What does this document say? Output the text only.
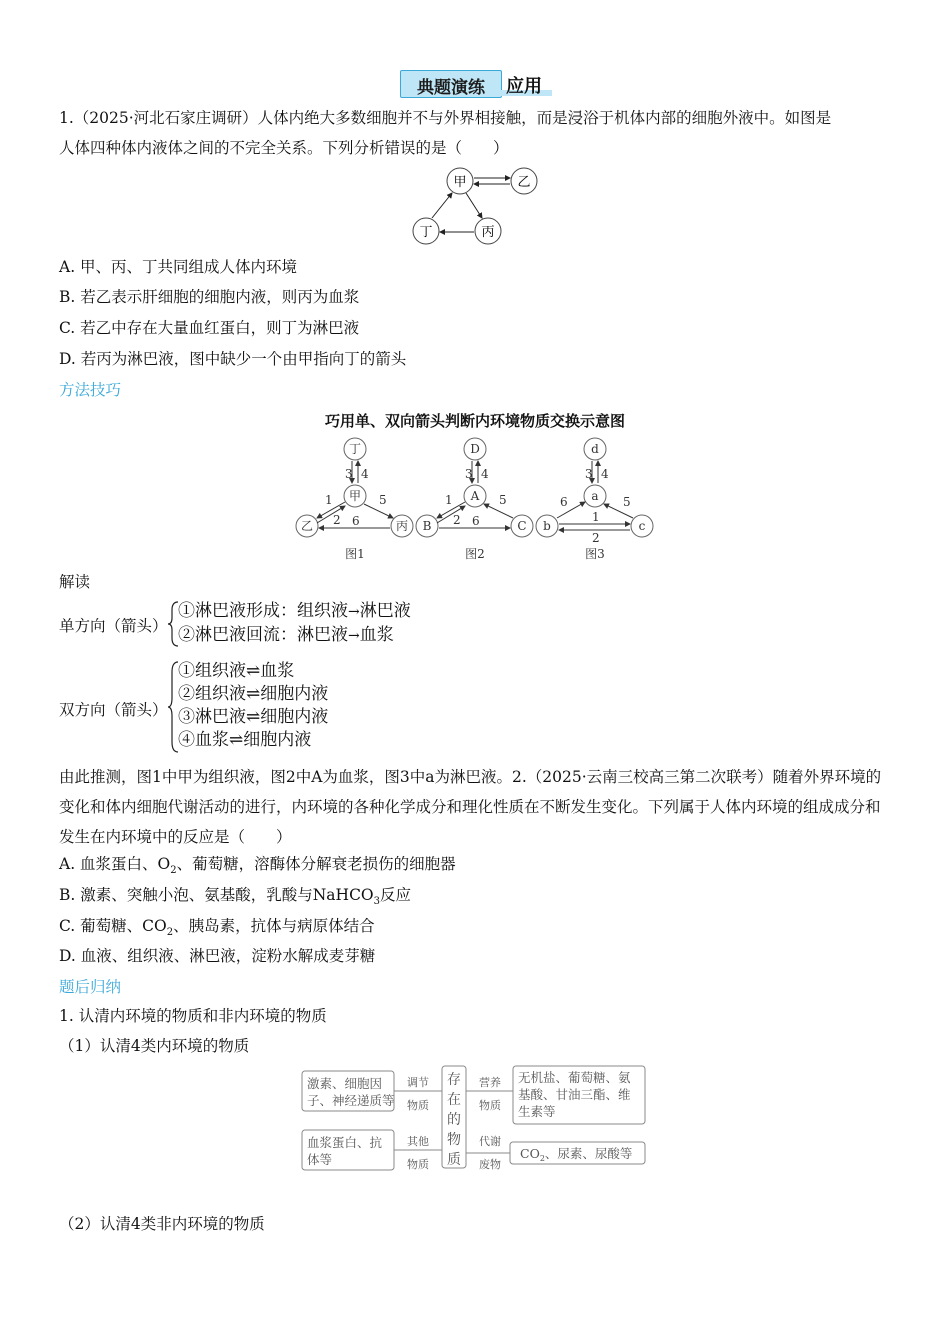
典题演练	应用
1.（2025·河北石家庄调研）人体内绝大多数细胞并不与外界相接触，而是浸浴于机体内部的细胞外液中。如图是
人体四种体内液体之间的不完全关系。下列分析错误的是（　　）
甲	乙
丁	丙
A. 甲、丙、丁共同组成人体内环境
B. 若乙表示肝细胞的细胞内液，则丙为血浆
C. 若乙中存在大量血红蛋白，则丁为淋巴液
D. 若丙为淋巴液，图中缺少一个由甲指向丁的箭头
方法技巧
巧用单、双向箭头判断内环境物质交换示意图
丁
甲
乙	丙
3 4
1
2
5
6
图1
D
A
B	C
3 4
1
2
5
6
图2
d
a
b	c
3 4
6	5
1
2
图3
解读
单方向（箭头）
①淋巴液形成：组织液→淋巴液
②淋巴液回流：淋巴液→血浆
双方向（箭头）
①组织液⇌血浆
②组织液⇌细胞内液
③淋巴液⇌细胞内液
④血浆⇌细胞内液
由此推测，图1中甲为组织液，图2中A为血浆，图3中a为淋巴液。2.（2025·云南三校高三第二次联考）随着外界环境的变化和体内细胞代谢活动的进行，内环境的各种化学成分和理化性质在不断发生变化。下列属于人体内环境的组成成分和发生在内环境中的反应是（　　）
A. 血浆蛋白、$O_2$、葡萄糖，溶酶体分解衰老损伤的细胞器
B. 激素、突触小泡、氨基酸，乳酸与NaHCO$_3$反应
C. 葡萄糖、$CO_2$、胰岛素，抗体与病原体结合
D. 血液、组织液、淋巴液，淀粉水解成麦芽糖
题后归纳
1. 认清内环境的物质和非内环境的物质
（1）认清4类内环境的物质
激素、细胞因
子、神经递质等
血浆蛋白、抗
体等
存
在
的
物
质
调节
物质
其他
物质
营养
物质
代谢
废物
无机盐、葡萄糖、氨
基酸、甘油三酯、维
生素等
$CO_2$、尿素、尿酸等
（2）认清4类非内环境的物质
